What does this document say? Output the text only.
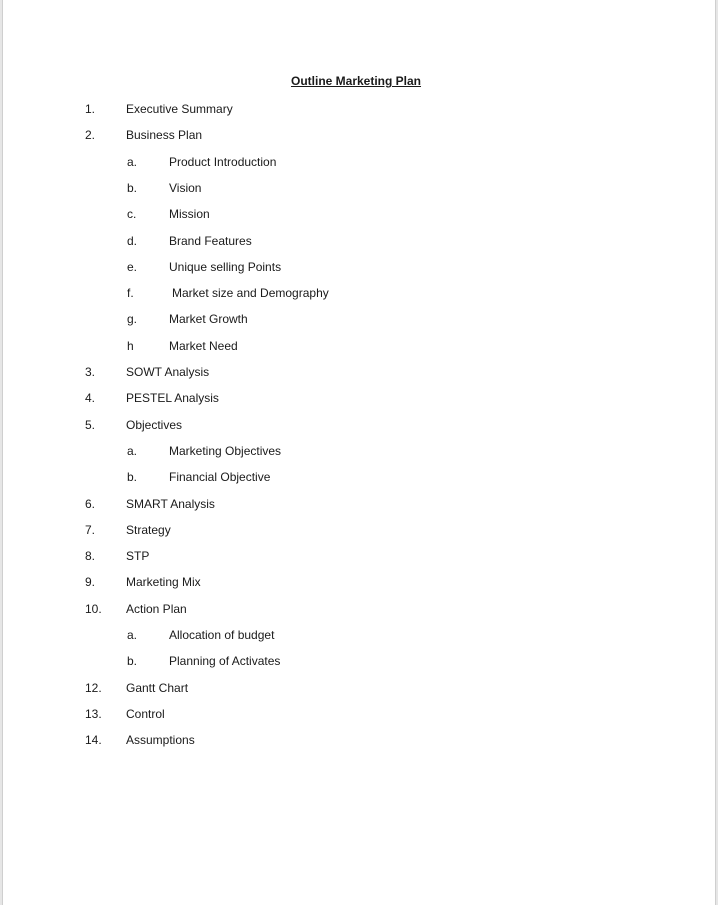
Outline Marketing Plan
1.	Executive Summary
2.	Business Plan
a.	Product Introduction
b.	Vision
c.	Mission
d.	Brand Features
e.	Unique selling Points
f.	Market size and Demography
g.	Market Growth
h	Market Need
3.	SOWT Analysis
4.	PESTEL Analysis
5.	Objectives
a.	Marketing Objectives
b.	Financial Objective
6.	SMART Analysis
7.	Strategy
8.	STP
9.	Marketing Mix
10. Action Plan
a.	Allocation of budget
b.	Planning of Activates
12. Gantt Chart
13. Control
14. Assumptions
